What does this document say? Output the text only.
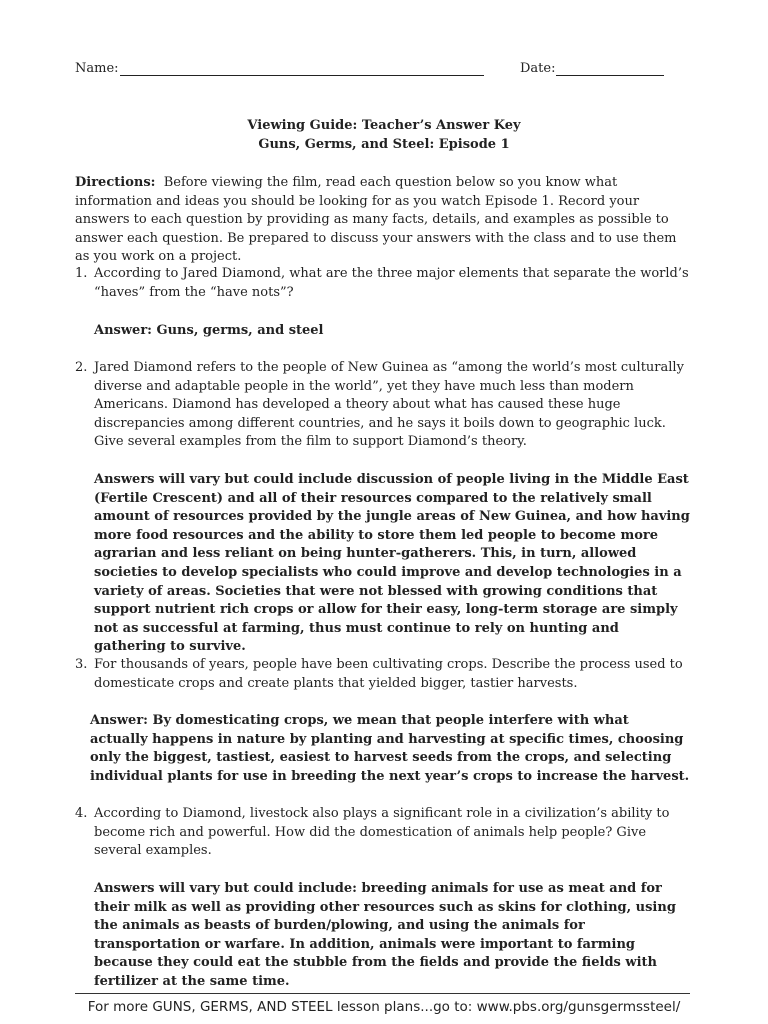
Name:	Date:
Viewing Guide: Teacher’s Answer Key
Guns, Germs, and Steel: Episode 1
Directions: Before viewing the film, read each question below so you know what information and ideas you should be looking for as you watch Episode 1. Record your answers to each question by providing as many facts, details, and examples as possible to answer each question. Be prepared to discuss your answers with the class and to use them as you work on a project.
1. According to Jared Diamond, what are the three major elements that separate the world’s “haves” from the “have nots”?
Answer: Guns, germs, and steel
2. Jared Diamond refers to the people of New Guinea as “among the world’s most culturally diverse and adaptable people in the world”, yet they have much less than modern Americans. Diamond has developed a theory about what has caused these huge discrepancies among different countries, and he says it boils down to geographic luck. Give several examples from the film to support Diamond’s theory.
Answers will vary but could include discussion of people living in the Middle East (Fertile Crescent) and all of their resources compared to the relatively small amount of resources provided by the jungle areas of New Guinea, and how having more food resources and the ability to store them led people to become more agrarian and less reliant on being hunter-gatherers. This, in turn, allowed societies to develop specialists who could improve and develop technologies in a variety of areas. Societies that were not blessed with growing conditions that support nutrient rich crops or allow for their easy, long-term storage are simply not as successful at farming, thus must continue to rely on hunting and gathering to survive.
3. For thousands of years, people have been cultivating crops. Describe the process used to domesticate crops and create plants that yielded bigger, tastier harvests.
Answer: By domesticating crops, we mean that people interfere with what actually happens in nature by planting and harvesting at specific times, choosing only the biggest, tastiest, easiest to harvest seeds from the crops, and selecting individual plants for use in breeding the next year’s crops to increase the harvest.
4. According to Diamond, livestock also plays a significant role in a civilization’s ability to become rich and powerful. How did the domestication of animals help people? Give several examples.
Answers will vary but could include: breeding animals for use as meat and for their milk as well as providing other resources such as skins for clothing, using the animals as beasts of burden/plowing, and using the animals for transportation or warfare. In addition, animals were important to farming because they could eat the stubble from the fields and provide the fields with fertilizer at the same time.
For more GUNS, GERMS, AND STEEL lesson plans...go to: www.pbs.org/gunsgermssteel/
